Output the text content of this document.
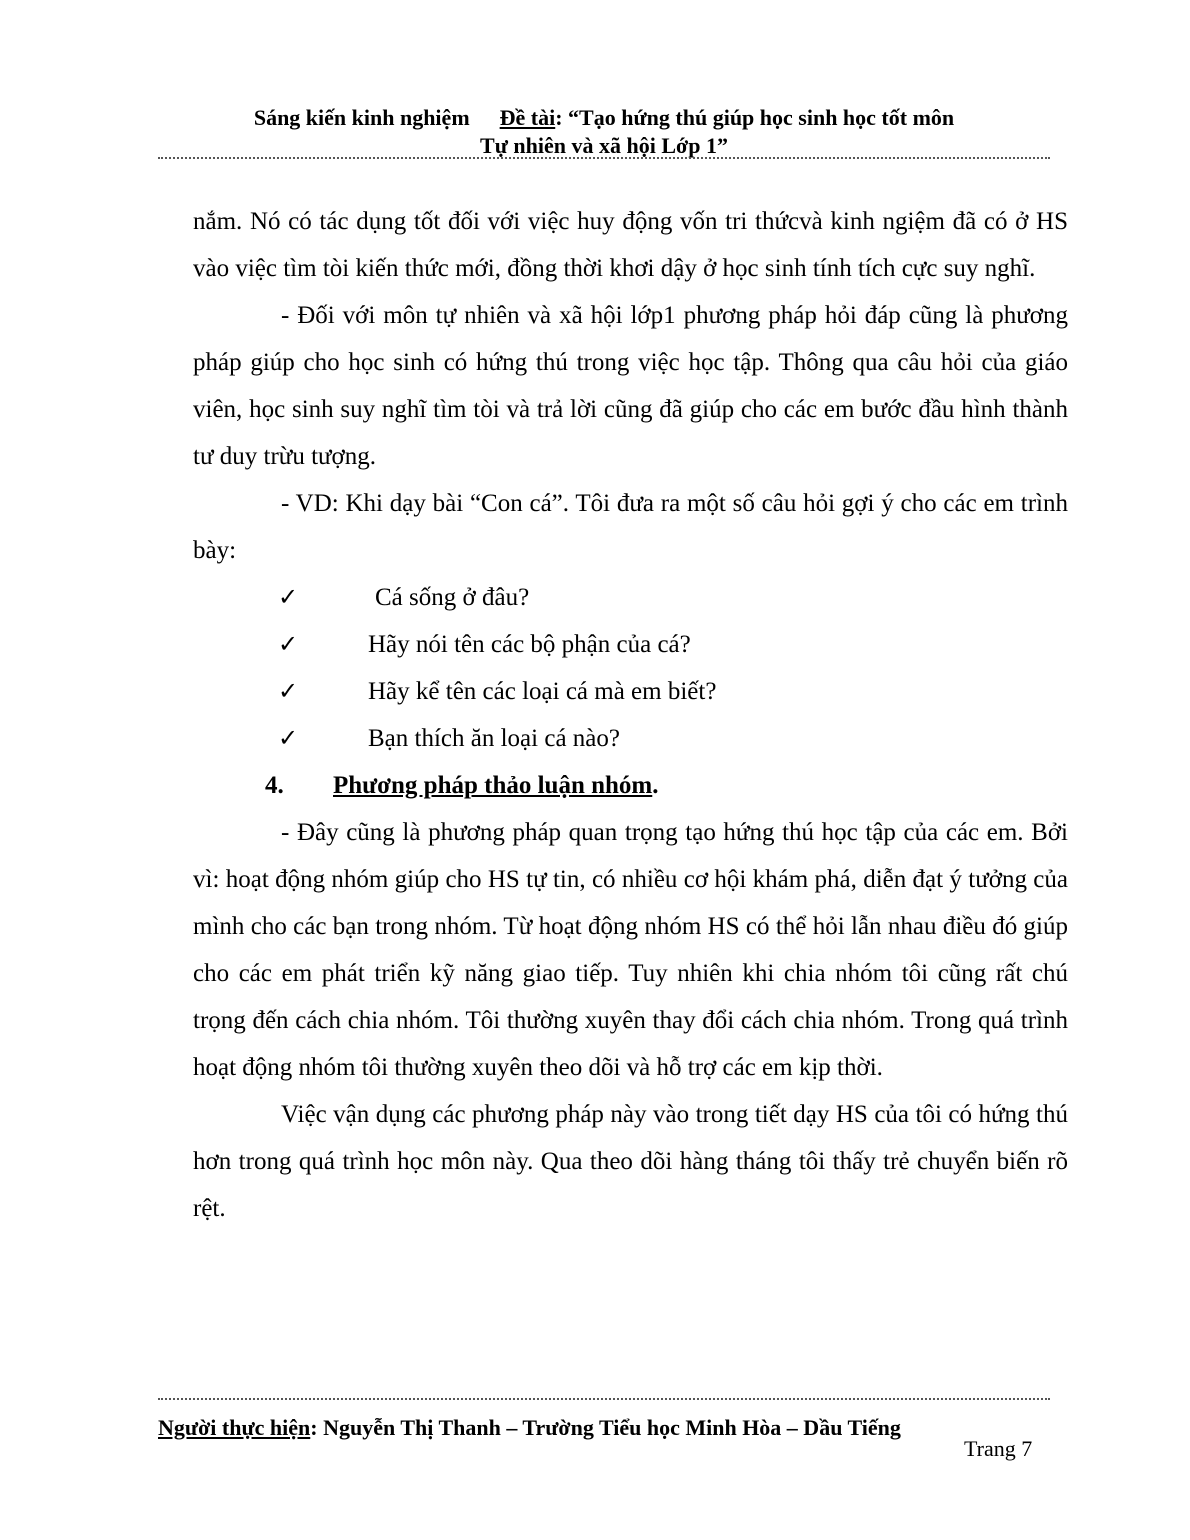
Sáng kiến kinh nghiệm Đề tài: “Tạo hứng thú giúp học sinh học tốt môn
Tự nhiên và xã hội Lớp 1”

nắm. Nó có tác dụng tốt đối với việc huy động vốn tri thứcvà kinh ngiệm đã có ở HS vào việc tìm tòi kiến thức mới, đồng thời khơi dậy ở học sinh tính tích cực suy nghĩ.

- Đối với môn tự nhiên và xã hội lớp1 phương pháp hỏi đáp cũng là phương pháp giúp cho học sinh có hứng thú trong việc học tập. Thông qua câu hỏi của giáo viên, học sinh suy nghĩ tìm tòi và trả lời cũng đã giúp cho các em bước đầu hình thành tư duy trừu tượng.

- VD: Khi dạy bài “Con cá”. Tôi đưa ra một số câu hỏi gợi ý cho các em trình bày:

✓	Cá sống ở đâu?
✓	Hãy nói tên các bộ phận của cá?
✓	Hãy kể tên các loại cá mà em biết?
✓	Bạn thích ăn loại cá nào?
4. Phương pháp thảo luận nhóm.

- Đây cũng là phương pháp quan trọng tạo hứng thú học tập của các em. Bởi vì: hoạt động nhóm giúp cho HS tự tin, có nhiều cơ hội khám phá, diễn đạt ý tưởng của mình cho các bạn trong nhóm. Từ hoạt động nhóm HS có thể hỏi lẫn nhau điều đó giúp cho các em phát triển kỹ năng giao tiếp. Tuy nhiên khi chia nhóm tôi cũng rất chú trọng đến cách chia nhóm. Tôi thường xuyên thay đổi cách chia nhóm. Trong quá trình hoạt động nhóm tôi thường xuyên theo dõi và hỗ trợ các em kịp thời.

Việc vận dụng các phương pháp này vào trong tiết dạy HS của tôi có hứng thú hơn trong quá trình học môn này. Qua theo dõi hàng tháng tôi thấy trẻ chuyển biến rõ rệt.

Người thực hiện: Nguyễn Thị Thanh – Trường Tiểu học Minh Hòa – Dầu Tiếng
Trang 7
